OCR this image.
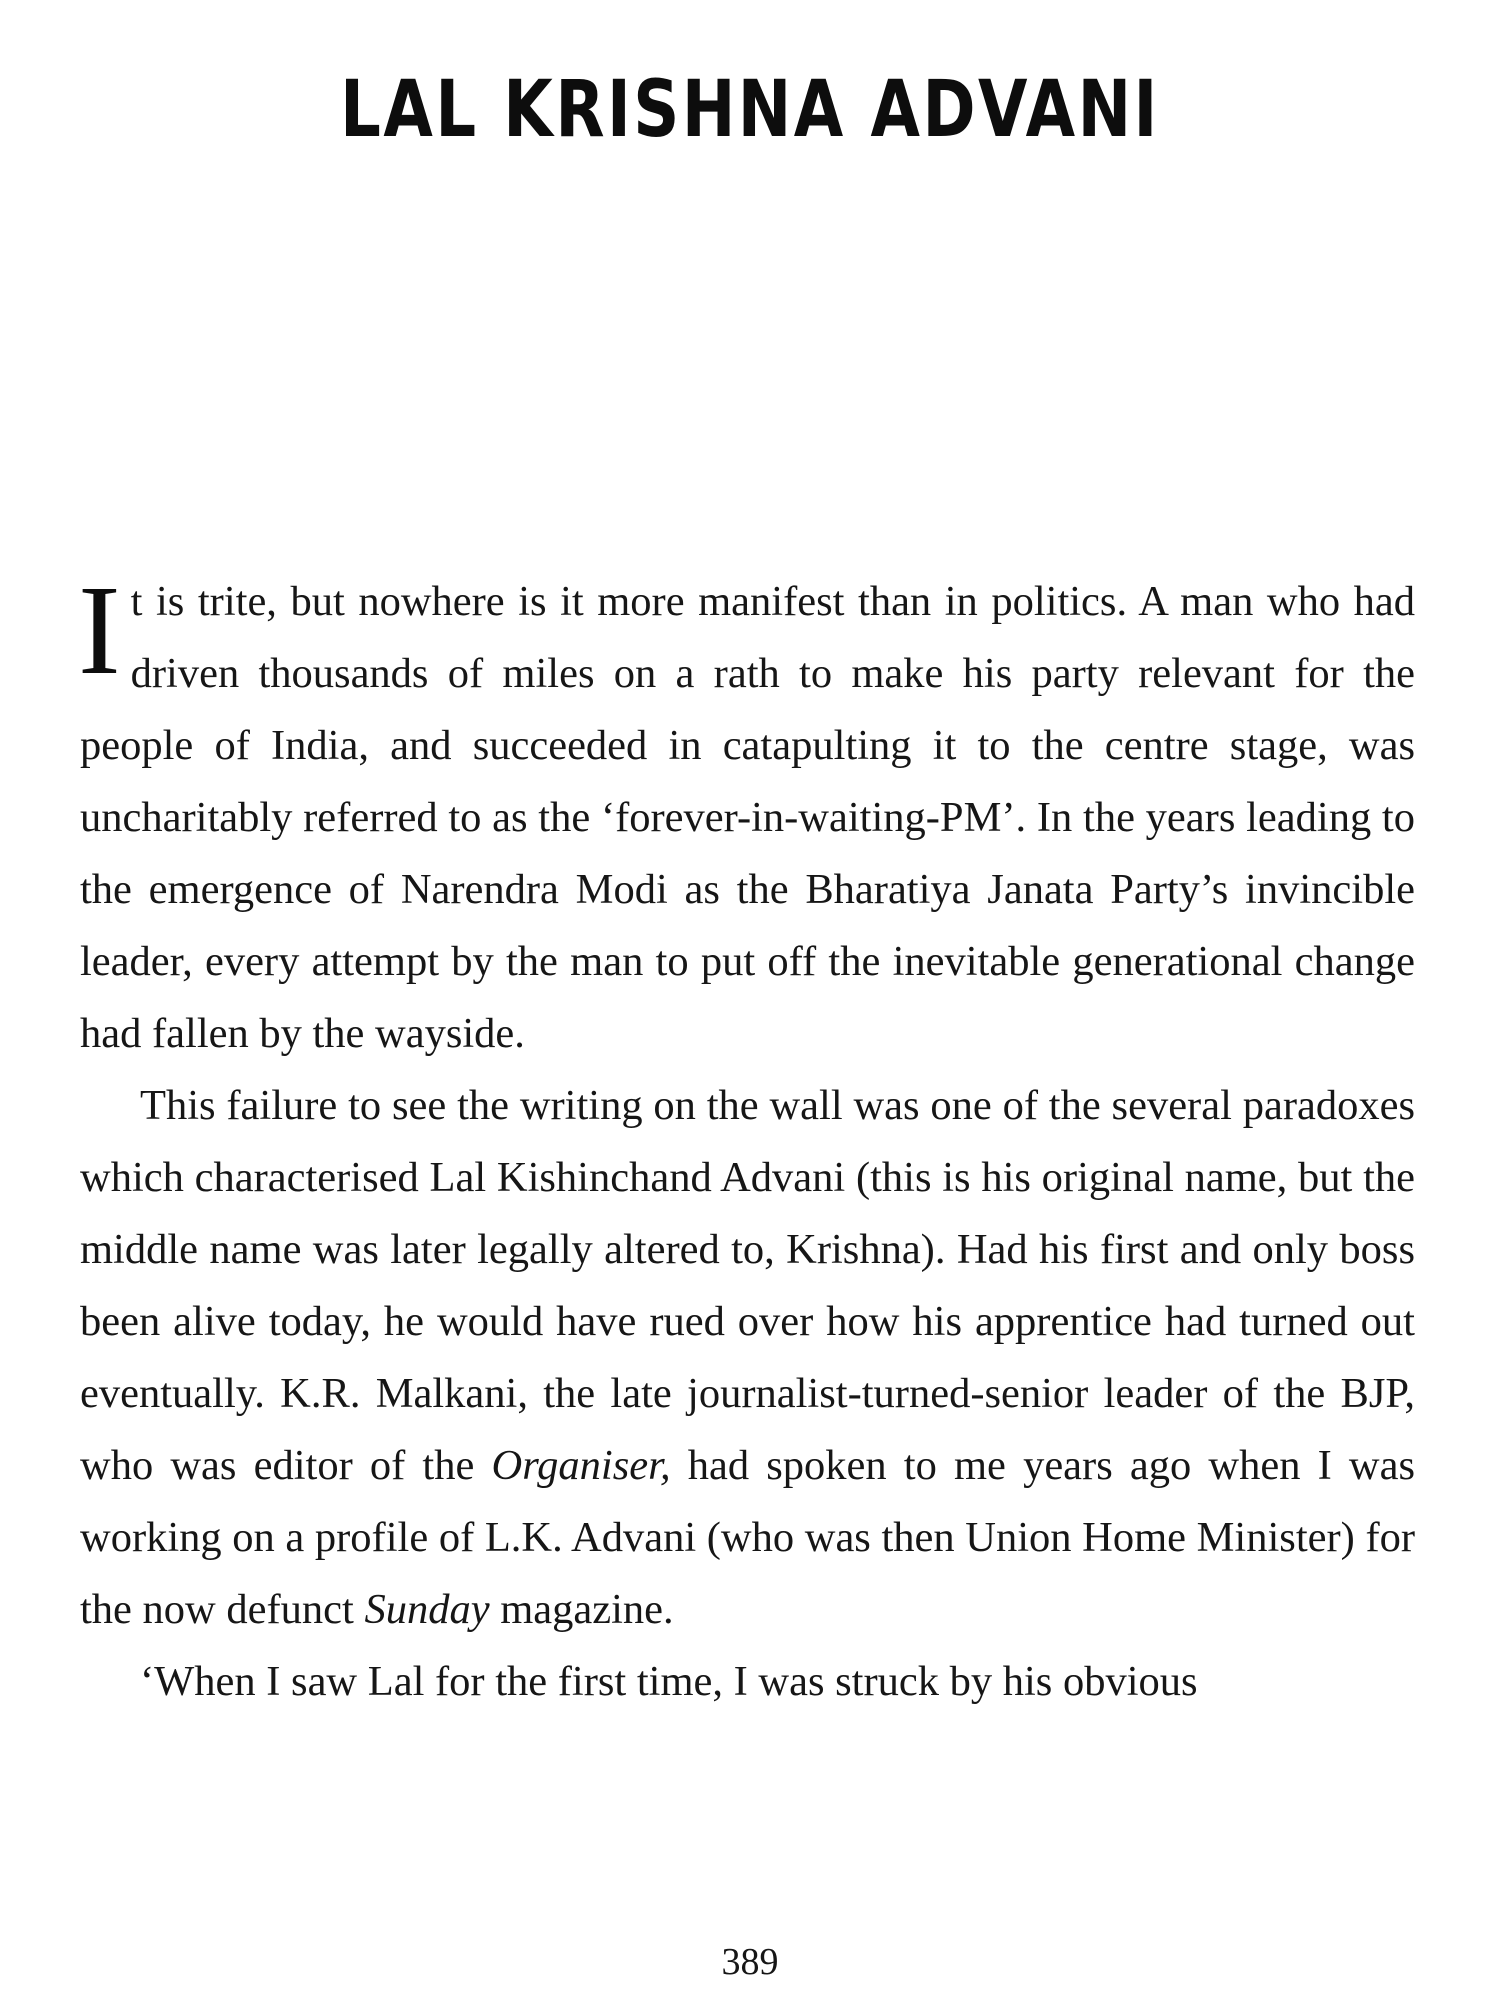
LAL KRISHNA ADVANI

It is trite, but nowhere is it more manifest than in politics. A man who had driven thousands of miles on a rath to make his party relevant for the people of India, and succeeded in catapulting it to the centre stage, was uncharitably referred to as the ‘forever-in-waiting-PM’. In the years leading to the emergence of Narendra Modi as the Bharatiya Janata Party’s invincible leader, every attempt by the man to put off the inevitable generational change had fallen by the wayside.

This failure to see the writing on the wall was one of the several paradoxes which characterised Lal Kishinchand Advani (this is his original name, but the middle name was later legally altered to, Krishna). Had his first and only boss been alive today, he would have rued over how his apprentice had turned out eventually. K.R. Malkani, the late journalist-turned-senior leader of the BJP, who was editor of the Organiser, had spoken to me years ago when I was working on a profile of L.K. Advani (who was then Union Home Minister) for the now defunct Sunday magazine.

‘When I saw Lal for the first time, I was struck by his obvious

389
